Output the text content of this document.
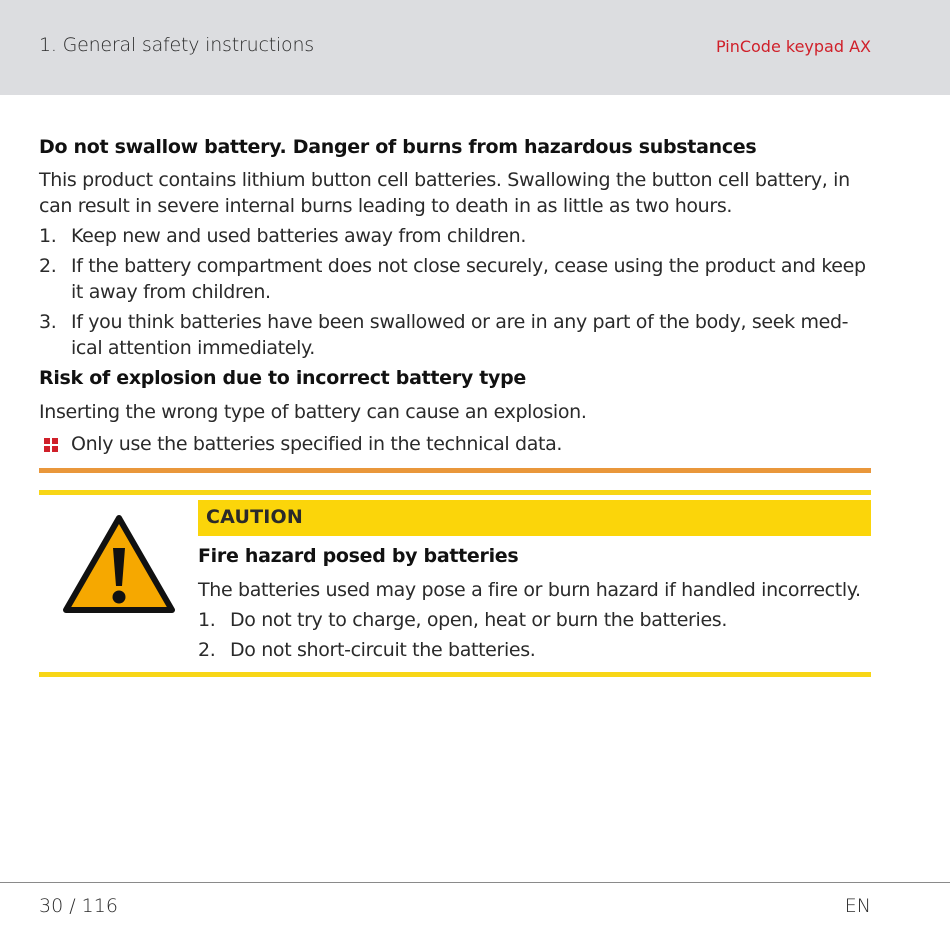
1. General safety instructions	PinCode keypad AX
Do not swallow battery. Danger of burns from hazardous substances
This product contains lithium button cell batteries. Swallowing the button cell battery, in can result in severe internal burns leading to death in as little as two hours.
1. Keep new and used batteries away from children.
2. If the battery compartment does not close securely, cease using the product and keep it away from children.
3. If you think batteries have been swallowed or are in any part of the body, seek med-ical attention immediately.
Risk of explosion due to incorrect battery type
Inserting the wrong type of battery can cause an explosion.
Only use the batteries specified in the technical data.
CAUTION
Fire hazard posed by batteries
The batteries used may pose a fire or burn hazard if handled incorrectly.
1. Do not try to charge, open, heat or burn the batteries.
2. Do not short-circuit the batteries.
30 / 116	EN
